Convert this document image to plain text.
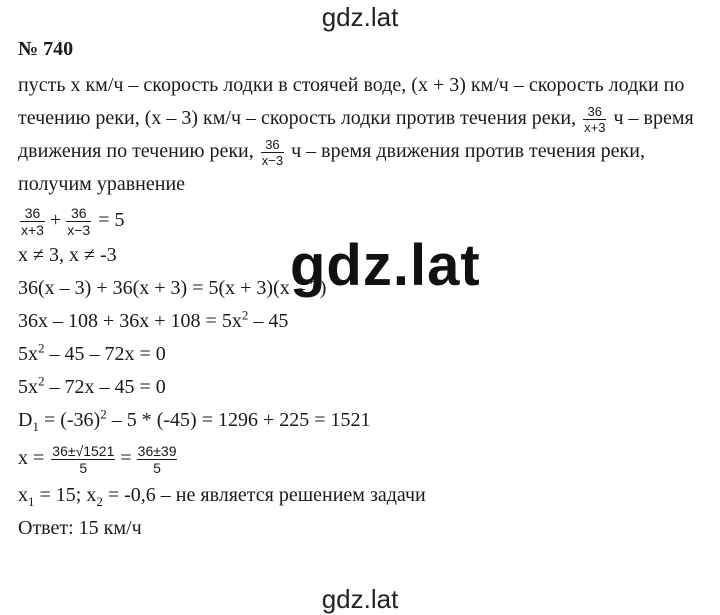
gdz.lat
№ 740
пусть х км/ч – скорость лодки в стоячей воде, (х + 3) км/ч – скорость лодки по течению реки, (х – 3) км/ч – скорость лодки против течения реки, $\frac{36}{x+3}$ ч – время движения по течению реки, $\frac{36}{x-3}$ ч – время движения против течения реки, получим уравнение
$\frac{36}{x+3} + \frac{36}{x-3} = 5$
х ≠ 3, х ≠ -3
36(х – 3) + 36(х + 3) = 5(х + 3)(х – 3)
$36х - 108 + 36х + 108 = 5х^2 - 45$
$5х^2 - 45 - 72х = 0$
$5х^2 - 72х - 45 = 0$
$D_1 = (-36)^2 - 5 * (-45) = 1296 + 225 = 1521$
$х = \frac{36\pm√1521}{5} = \frac{36\pm 39}{5}$
$х_1 = 15$; $х_2 = -0,6$ – не является решением задачи
Ответ: 15 км/ч
gdz.lat
gdz.lat
